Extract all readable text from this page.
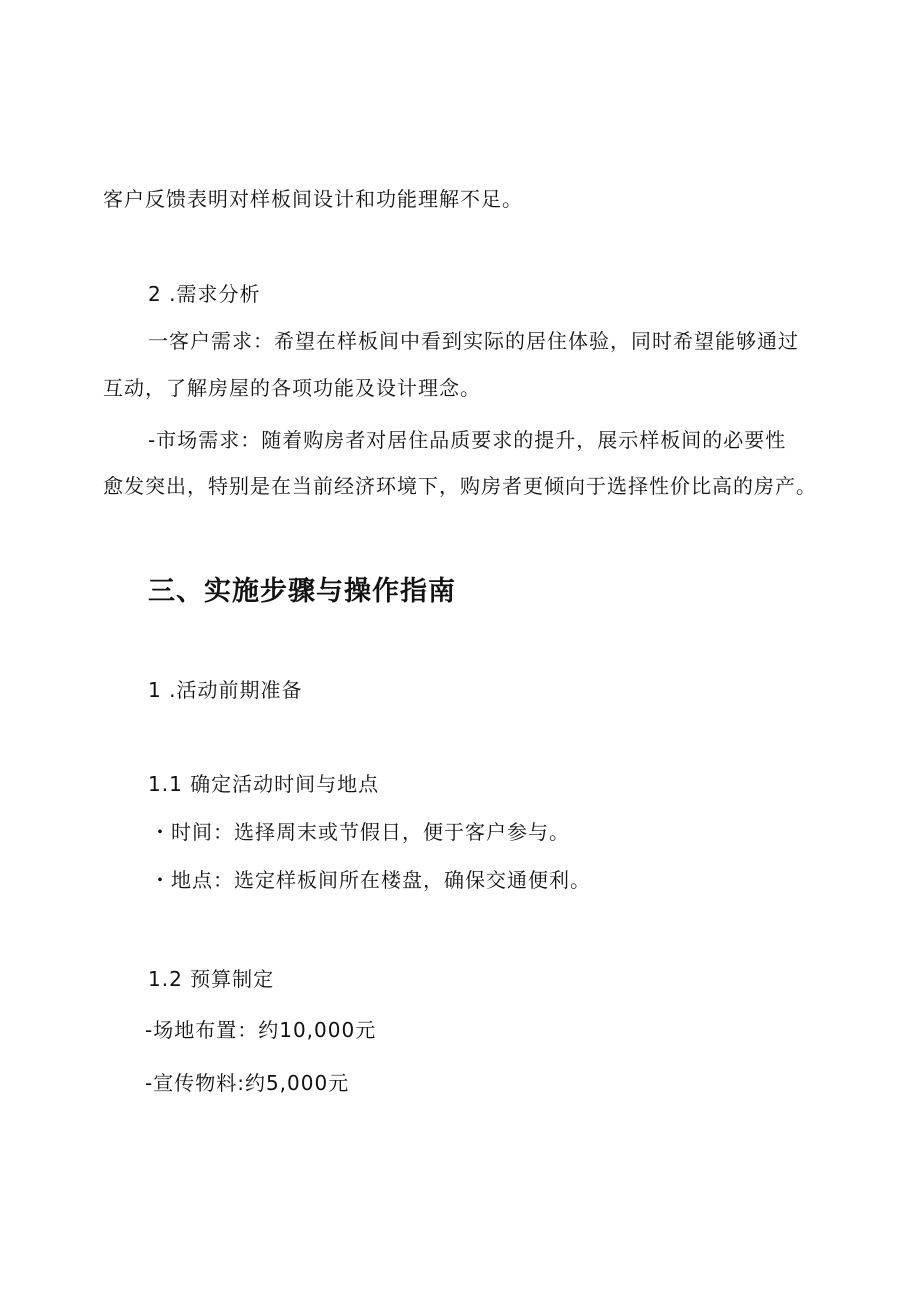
客户反馈表明对样板间设计和功能理解不足。
2 .需求分析
一客户需求：希望在样板间中看到实际的居住体验，同时希望能够通过
互动，了解房屋的各项功能及设计理念。
-市场需求：随着购房者对居住品质要求的提升，展示样板间的必要性
愈发突出，特别是在当前经济环境下，购房者更倾向于选择性价比高的房产。
三、实施步骤与操作指南
1 .活动前期准备
1.1 确定活动时间与地点
・时间：选择周末或节假日，便于客户参与。
・地点：选定样板间所在楼盘，确保交通便利。
1.2 预算制定
-场地布置：约10,000元
-宣传物料:约5,000元
